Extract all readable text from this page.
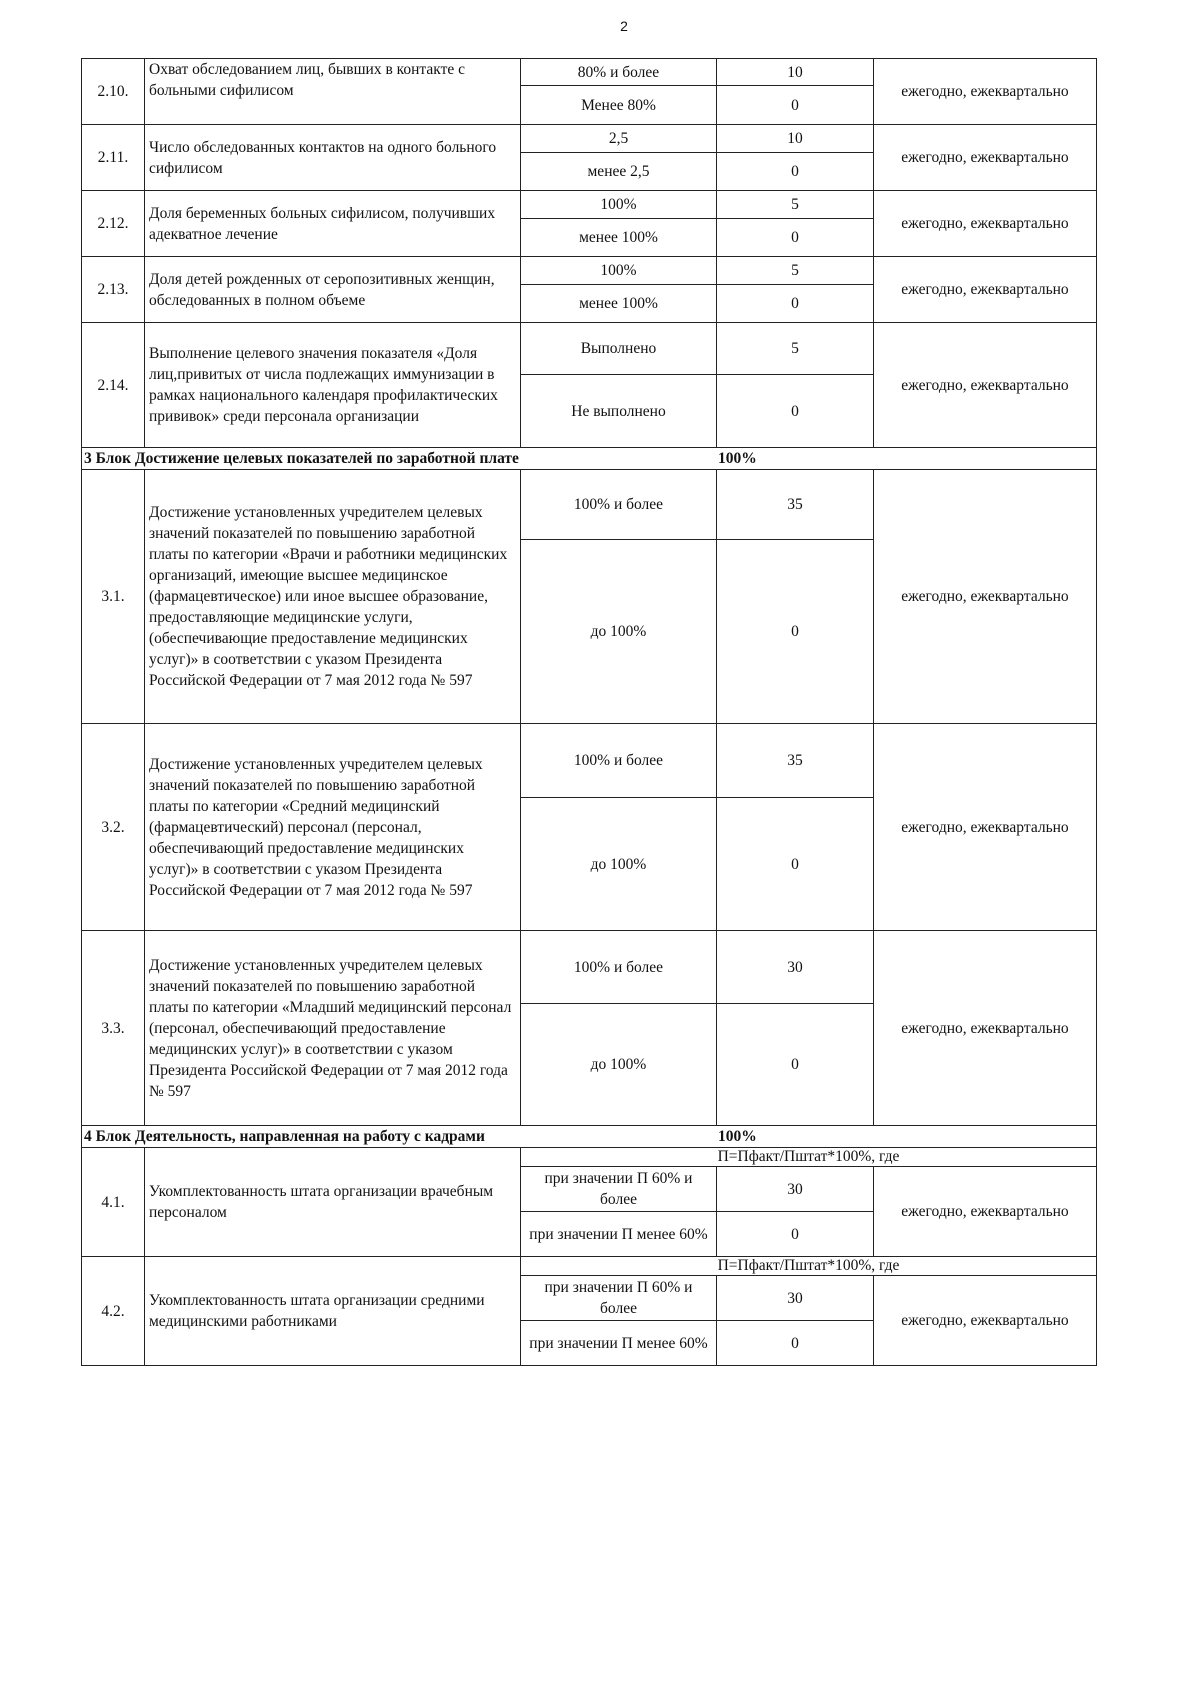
2
2.10.	Охват обследованием лиц, бывших в контакте с больными сифилисом	80% и более	10	ежегодно, ежеквартально
		Менее 80%	0	
2.11.	Число обследованных контактов на одного больного сифилисом	2,5	10	ежегодно, ежеквартально
		менее 2,5	0	
2.12.	Доля беременных больных сифилисом, получивших адекватное лечение	100%	5	ежегодно, ежеквартально
		менее 100%	0	
2.13.	Доля детей рожденных от серопозитивных женщин, обследованных в полном объеме	100%	5	ежегодно, ежеквартально
		менее 100%	0	
2.14.	Выполнение целевого значения показателя «Доля лиц,привитых от числа подлежащих иммунизации в рамках национального календаря профилактических прививок» среди персонала организации	Выполнено	5	ежегодно, ежеквартально
		Не выполнено	0	
3 Блок Достижение целевых показателей по заработной плате 100%				
3.1.	Достижение установленных учредителем целевых значений показателей по повышению заработной платы по категории «Врачи и работники медицинских организаций, имеющие высшее медицинское (фармацевтическое) или иное высшее образование, предоставляющие медицинские услуги, (обеспечивающие предоставление медицинских услуг)» в соответствии с указом Президента Российской Федерации от 7 мая 2012 года № 597	100% и более	35	ежегодно, ежеквартально
		до 100%	0	
3.2.	Достижение установленных учредителем целевых значений показателей по повышению заработной платы по категории «Средний медицинский (фармацевтический) персонал (персонал, обеспечивающий предоставление медицинских услуг)» в соответствии с указом Президента Российской Федерации от 7 мая 2012 года № 597	100% и более	35	ежегодно, ежеквартально
		до 100%	0	
3.3.	Достижение установленных учредителем целевых значений показателей по повышению заработной платы по категории «Младший медицинский персонал (персонал, обеспечивающий предоставление медицинских услуг)» в соответствии с указом Президента Российской Федерации от 7 мая 2012 года № 597	100% и более	30	ежегодно, ежеквартально
		до 100%	0	
4 Блок Деятельность, направленная на работу с кадрами 100%				
4.1.	Укомплектованность штата организации врачебным персоналом	П=Пфакт/Пштат*100%, где		
		при значении П 60% и более	30	ежегодно, ежеквартально
		при значении П менее 60%	0	
4.2.	Укомплектованность штата организации средними медицинскими работниками	П=Пфакт/Пштат*100%, где		
		при значении П 60% и более	30	ежегодно, ежеквартально
		при значении П менее 60%	0	
